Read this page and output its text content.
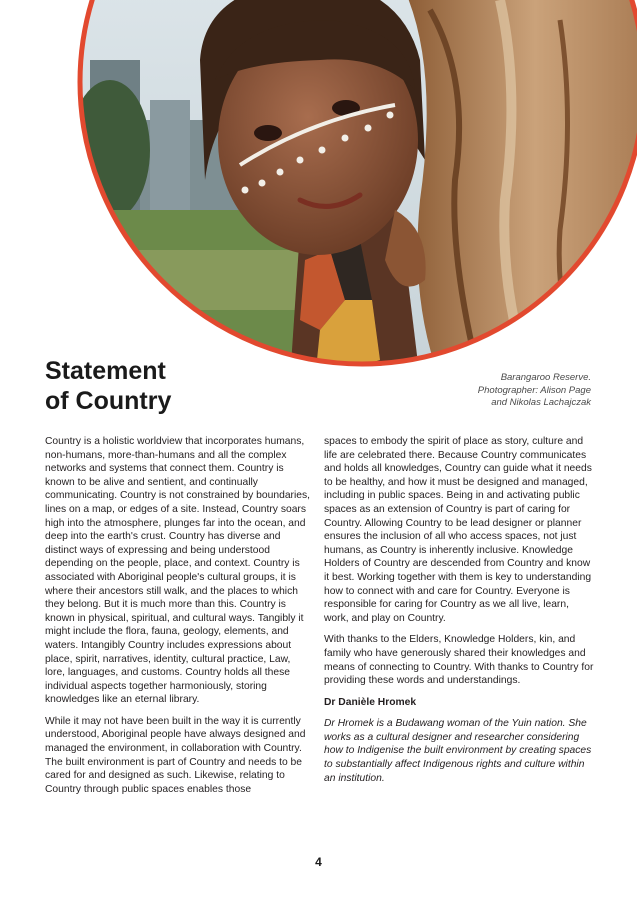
Statement
of Country
Barangaroo Reserve.
Photographer: Alison Page
and Nikolas Lachajczak

Country is a holistic worldview that incorporates humans, non-humans, more-than-humans and all the complex networks and systems that connect them. Country is known to be alive and sentient, and continually communicating. Country is not constrained by boundaries, lines on a map, or edges of a site. Instead, Country soars high into the atmosphere, plunges far into the ocean, and deep into the earth's crust. Country has diverse and distinct ways of expressing and being understood depending on the people, place, and context. Country is associated with Aboriginal people's cultural groups, it is where their ancestors still walk, and the places to which they belong. But it is much more than this. Country is known in physical, spiritual, and cultural ways. Tangibly it might include the flora, fauna, geology, elements, and waters. Intangibly Country includes expressions about place, spirit, narratives, identity, cultural practice, Law, lore, languages, and customs. Country holds all these individual aspects together harmoniously, storing knowledges like an eternal library.

While it may not have been built in the way it is currently understood, Aboriginal people have always designed and managed the environment, in collaboration with Country. The built environment is part of Country and needs to be cared for and designed as such. Likewise, relating to Country through public spaces enables those

spaces to embody the spirit of place as story, culture and life are celebrated there. Because Country communicates and holds all knowledges, Country can guide what it needs to be healthy, and how it must be designed and managed, including in public spaces. Being in and activating public spaces as an extension of Country is part of caring for Country. Allowing Country to be lead designer or planner ensures the inclusion of all who access spaces, not just humans, as Country is inherently inclusive. Knowledge Holders of Country are descended from Country and know it best. Working together with them is key to understanding how to connect with and care for Country. Everyone is responsible for caring for Country as we all live, learn, work, and play on Country.

With thanks to the Elders, Knowledge Holders, kin, and family who have generously shared their knowledges and means of connecting to Country. With thanks to Country for providing these words and understandings.

Dr Danièle Hromek

Dr Hromek is a Budawang woman of the Yuin nation. She works as a cultural designer and researcher considering how to Indigenise the built environment by creating spaces to substantially affect Indigenous rights and culture within an institution.

4
